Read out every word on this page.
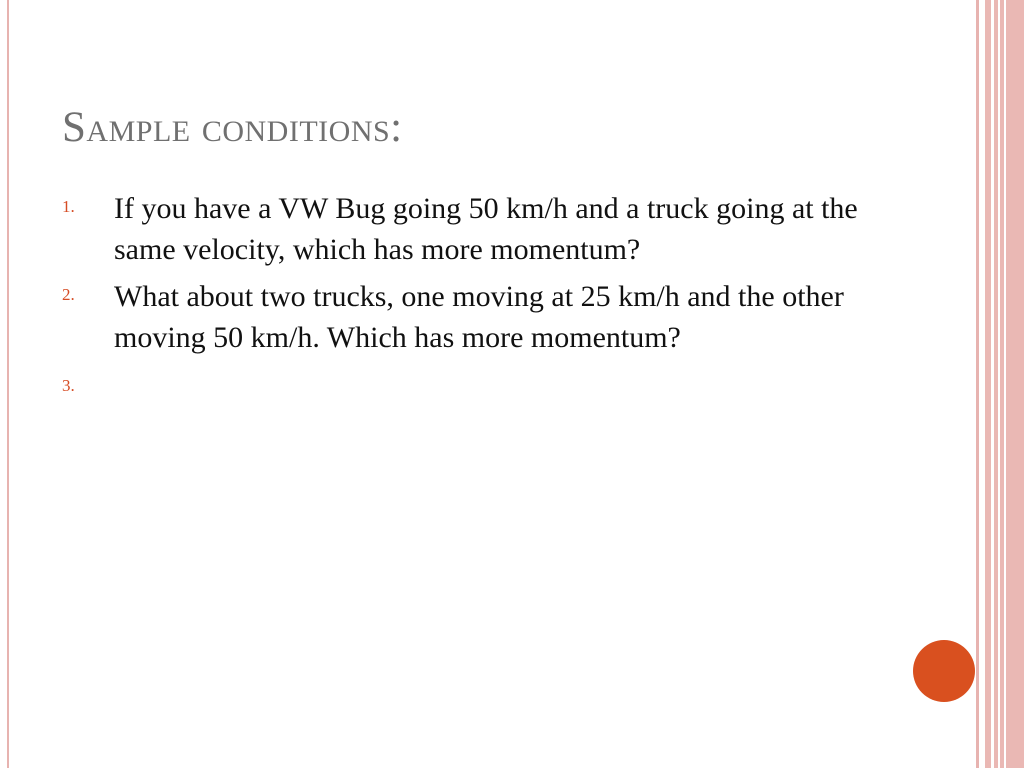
Sample conditions:
1. If you have a VW Bug going 50 km/h and a truck going at the same velocity, which has more momentum?
2. What about two trucks, one moving at 25 km/h and the other moving 50 km/h. Which has more momentum?
3.
